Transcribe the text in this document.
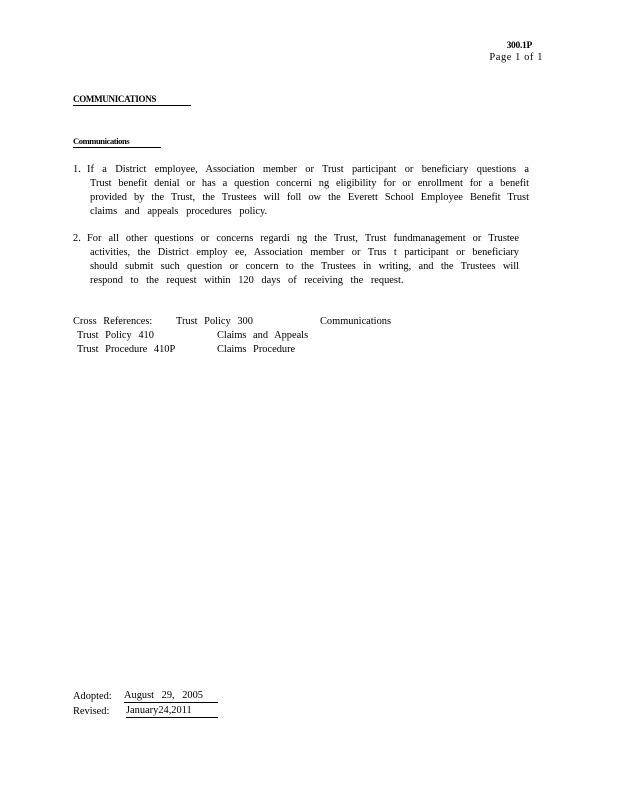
300.1P
Page 1 of 1
COMMUNICATIONS
Communications
1. If a District employee, Association member or Trust participant or beneficiary questions a
Trust benefit denial or has a question concerni ng eligibility for or enrollment for a benefit
provided by the Trust, the Trustees will foll ow the Everett School Employee Benefit Trust
claims and appeals procedures policy.
2. For all other questions or concerns regardi ng the Trust, Trust fundmanagement or Trustee
activities, the District employ ee, Association member or Trus t participant or beneficiary
should submit such question or concern to the Trustees in writing, and the Trustees will
respond to the request within 120 days of receiving the request.
Cross References: Trust Policy 300	Communications
Trust Policy 410	Claims and Appeals
Trust Procedure 410P	Claims Procedure
Adopted: August 29, 2005
Revised: January24,2011
